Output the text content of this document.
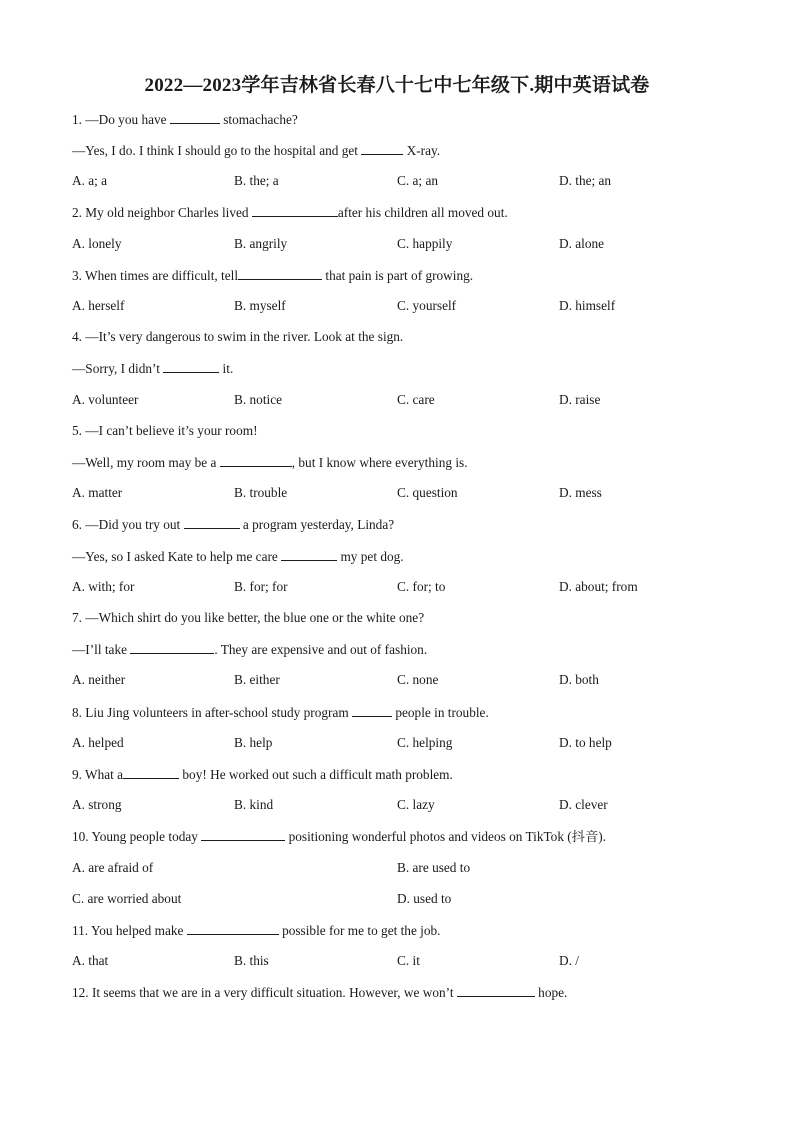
2022—2023学年吉林省长春八十七中七年级下.期中英语试卷
1. —Do you have	stomachache?
—Yes, I do. I think I should go to the hospital and get	X-ray.
A. a; a	B. the; a	C. a; an	D. the; an
2. My old neighbor Charles lived	after his children all moved out.
A. lonely	B. angrily	C. happily	D. alone
3. When times are difficult, tell	that pain is part of growing.
A. herself	B. myself	C. yourself	D. himself
4. —It’s very dangerous to swim in the river. Look at the sign.
—Sorry, I didn’t	it.
A. volunteer	B. notice	C. care	D. raise
5. —I can’t believe it’s your room!
—Well, my room may be a	, but I know where everything is.
A. matter	B. trouble	C. question	D. mess
6. —Did you try out	a program yesterday, Linda?
—Yes, so I asked Kate to help me care	my pet dog.
A. with; for	B. for; for	C. for; to	D. about; from
7. —Which shirt do you like better, the blue one or the white one?
—I’ll take	. They are expensive and out of fashion.
A. neither	B. either	C. none	D. both
8. Liu Jing volunteers in after-school study program	people in trouble.
A. helped	B. help	C. helping	D. to help
9. What a	boy! He worked out such a difficult math problem.
A. strong	B. kind	C. lazy	D. clever
10. Young people today	positioning wonderful photos and videos on TikTok (抖音).
A. are afraid of	B. are used to
C. are worried about	D. used to
11. You helped make	possible for me to get the job.
A. that	B. this	C. it	D. /
12. It seems that we are in a very difficult situation. However, we won’t	hope.
